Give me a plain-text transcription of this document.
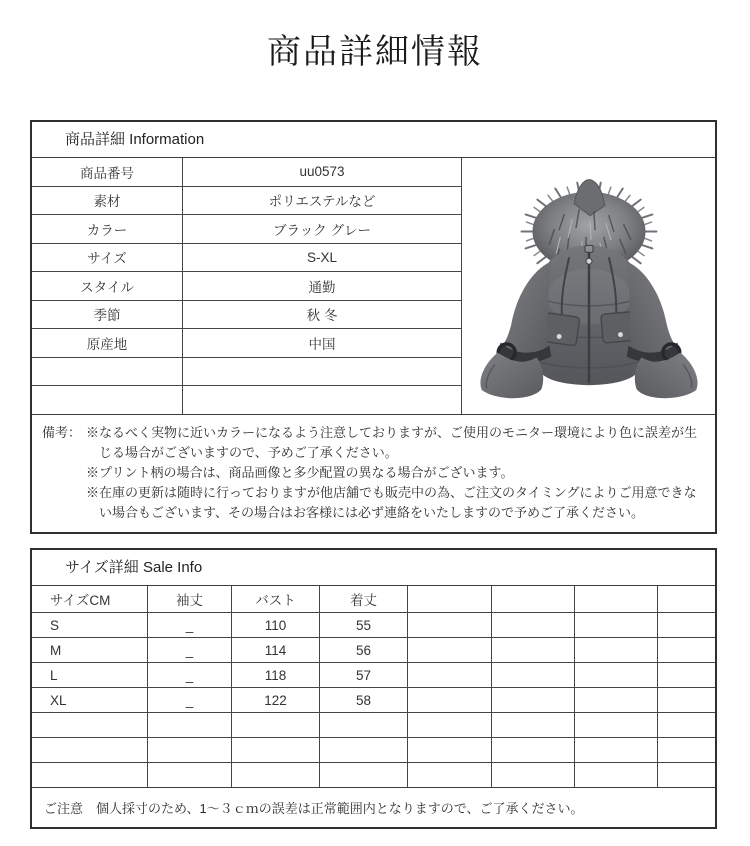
商品詳細情報
商品詳細 Information
商品番号	uu0573	

素材	ポリエステルなど	
カラー	ブラック グレー	
サイズ	S-XL	
スタイル	通勤	
季節	秋 冬	
原産地	中国	

備考： ※なるべく実物に近いカラーになるよう注意しておりますが、ご使用のモニター環境により色に誤差が生じる場合がございますので、予めご了承ください。
※プリント柄の場合は、商品画像と多少配置の異なる場合がございます。
※在庫の更新は随時に行っておりますが他店舗でも販売中の為、ご注文のタイミングによりご用意できない場合もございます、その場合はお客様には必ず連絡をいたしますので予めご了承ください。
サイズ詳細 Sale Info
サイズCM	袖丈	バスト	着丈				
S	_	110	55				
M	_	114	56				
L	_	118	57				
XL	_	122	58				

ご注意　個人採寸のため、1～３ｃｍの誤差は正常範囲内となりますので、ご了承ください。
